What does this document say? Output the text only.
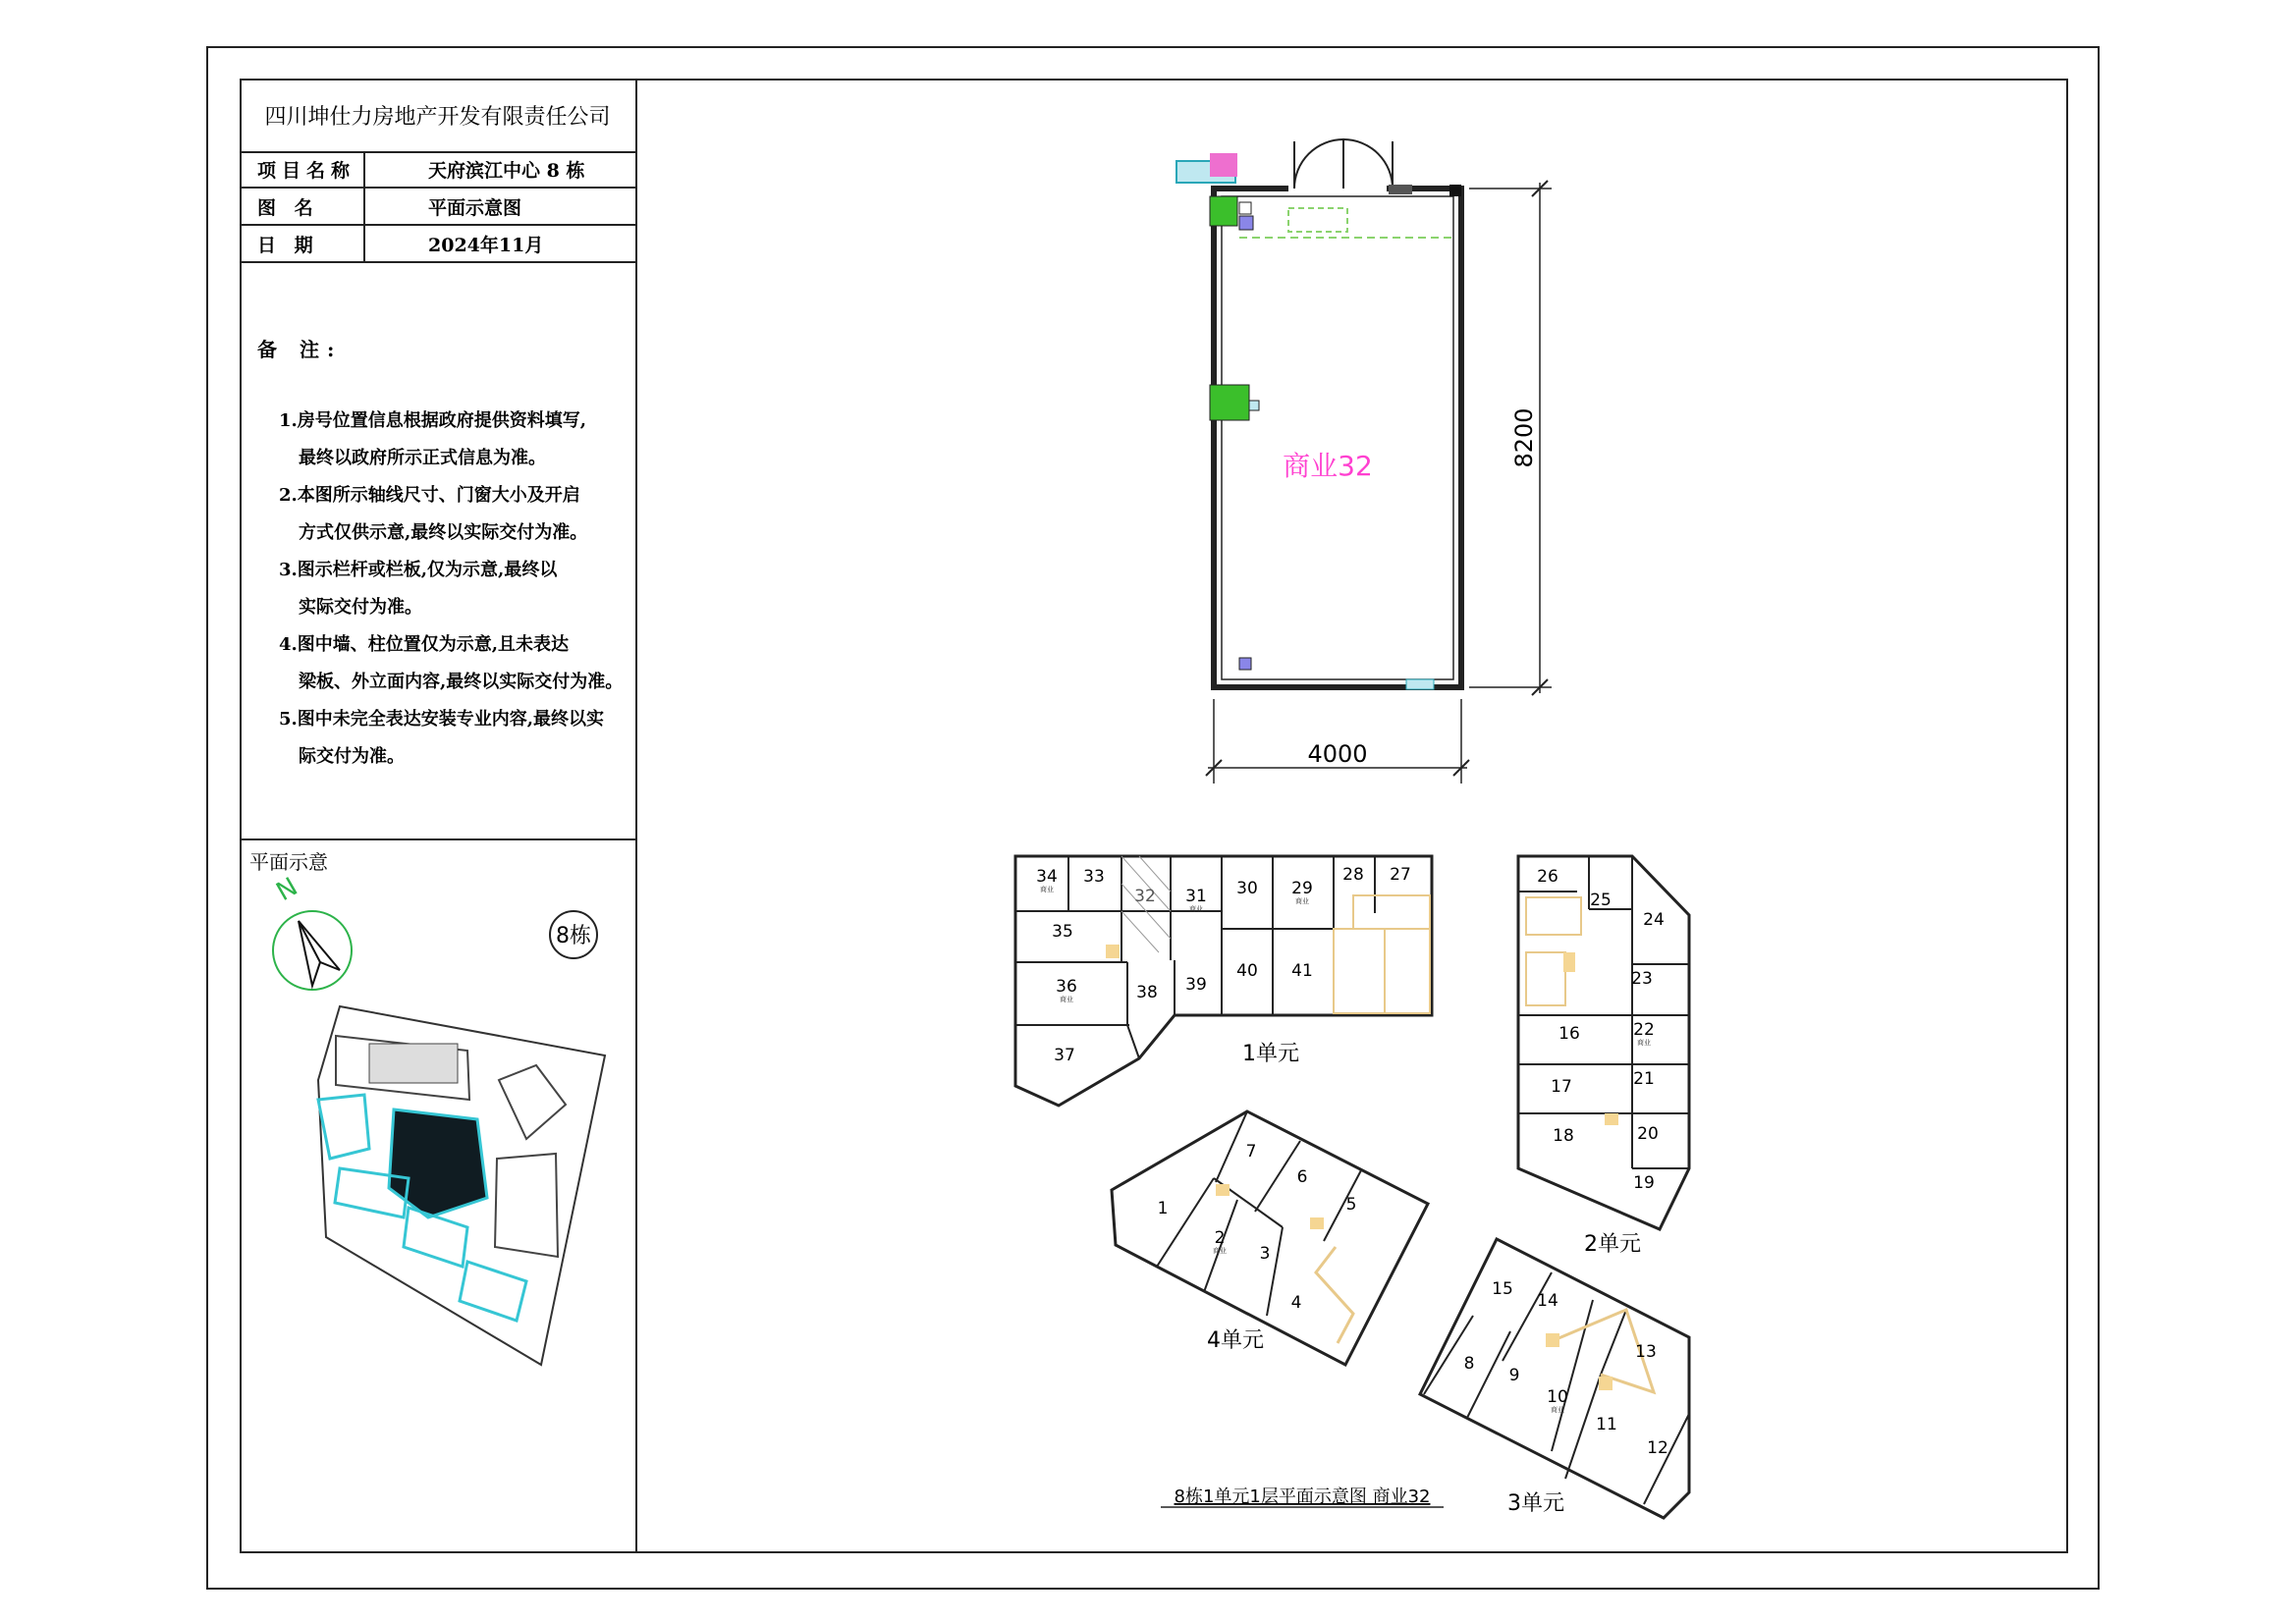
四川坤仕力房地产开发有限责任公司
项目名称	天府滨江中心 8 栋
图 名	平面示意图
日 期	2024年11月
备 注:
1.房号位置信息根据政府提供资料填写,
最终以政府所示正式信息为准。
2.本图所示轴线尺寸、门窗大小及开启
方式仅供示意,最终以实际交付为准。
3.图示栏杆或栏板,仅为示意,最终以
实际交付为准。
4.图中墙、柱位置仅为示意,且未表达
梁板、外立面内容,最终以实际交付为准。
5.图中未完全表达安装专业内容,最终以实
际交付为准。
平面示意
N
8栋
商业32	8200
4000
34 33
32 31 30 29
28 27
35
36	38 39
40 41
37
26
25
24
23
22
16
21
17
18	20
19
7
6
1	5
2
3
4
15
14
13
8
9
10
11
12
商业
商业
商业
商业
商业
商业
商业
1单元
2单元
4单元
3单元
8栋1单元1层平面示意图 商业32
